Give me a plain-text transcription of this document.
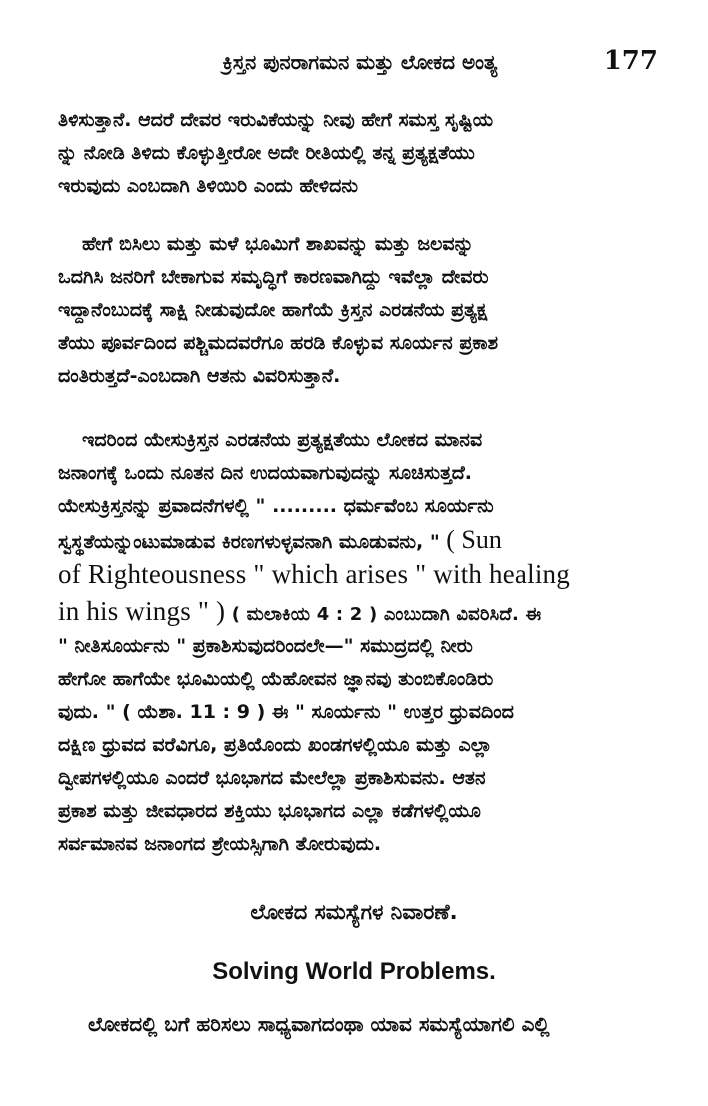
ಕ್ರಿಸ್ತನ ಪುನರಾಗಮನ ಮತ್ತು ಲೋಕದ ಅಂತ್ಯ	177
ತಿಳಿಸುತ್ತಾನೆ. ಆದರೆ ದೇವರ ಇರುವಿಕೆಯನ್ನು ನೀವು ಹೇಗೆ ಸಮಸ್ತ ಸೃಷ್ಟಿಯ
ನ್ನು ನೋಡಿ ತಿಳಿದು ಕೊಳ್ಳುತ್ತೀರೋ ಅದೇ ರೀತಿಯಲ್ಲಿ ತನ್ನ ಪ್ರತ್ಯಕ್ಷತೆಯು
ಇರುವುದು ಎಂಬದಾಗಿ ತಿಳಿಯಿರಿ ಎಂದು ಹೇಳಿದನು
ಹೇಗೆ ಬಿಸಿಲು ಮತ್ತು ಮಳೆ ಭೂಮಿಗೆ ಶಾಖವನ್ನು ಮತ್ತು ಜಲವನ್ನು
ಒದಗಿಸಿ ಜನರಿಗೆ ಬೇಕಾಗುವ ಸಮೃದ್ಧಿಗೆ ಕಾರಣವಾಗಿದ್ದು ಇವೆಲ್ಲಾ ದೇವರು
ಇದ್ದಾನೆಂಬುದಕ್ಕೆ ಸಾಕ್ಷಿ ನೀಡುವುದೋ ಹಾಗೆಯೆ ಕ್ರಿಸ್ತನ ಎರಡನೆಯ ಪ್ರತ್ಯಕ್ಷ
ತೆಯು ಪೂರ್ವದಿಂದ ಪಶ್ಚಿಮದವರೆಗೂ ಹರಡಿ ಕೊಳ್ಳುವ ಸೂರ್ಯನ ಪ್ರಕಾಶ
ದಂತಿರುತ್ತದೆ-ಎಂಬದಾಗಿ ಆತನು ವಿವರಿಸುತ್ತಾನೆ.
ಇದರಿಂದ ಯೇಸುಕ್ರಿಸ್ತನ ಎರಡನೆಯ ಪ್ರತ್ಯಕ್ಷತೆಯು ಲೋಕದ ಮಾನವ
ಜನಾಂಗಕ್ಕೆ ಒಂದು ನೂತನ ದಿನ ಉದಯವಾಗುವುದನ್ನು ಸೂಚಿಸುತ್ತದೆ.
ಯೇಸುಕ್ರಿಸ್ತನನ್ನು ಪ್ರವಾದನೆಗಳಲ್ಲಿ " ......... ಧರ್ಮವೆಂಬ ಸೂರ್ಯನು
ಸ್ವಸ್ಥತೆಯನ್ನುಂಟುಮಾಡುವ ಕಿರಣಗಳುಳ್ಳವನಾಗಿ ಮೂಡುವನು, " ( Sun
of Righteousness " which arises " with healing
in his wings " ) ( ಮಲಾಕಿಯ 4 : 2 ) ಎಂಬುದಾಗಿ ವಿವರಿಸಿದೆ. ಈ
" ನೀತಿಸೂರ್ಯನು " ಪ್ರಕಾಶಿಸುವುದರಿಂದಲೇ—" ಸಮುದ್ರದಲ್ಲಿ ನೀರು
ಹೇಗೋ ಹಾಗೆಯೇ ಭೂಮಿಯಲ್ಲಿ ಯೆಹೋವನ ಜ್ಞಾನವು ತುಂಬಿಕೊಂಡಿರು
ವುದು. " ( ಯೆಶಾ. 11 : 9 ) ಈ " ಸೂರ್ಯನು " ಉತ್ತರ ಧ್ರುವದಿಂದ
ದಕ್ಷಿಣ ಧ್ರುವದ ವರೆವಿಗೂ, ಪ್ರತಿಯೊಂದು ಖಂಡಗಳಲ್ಲಿಯೂ ಮತ್ತು ಎಲ್ಲಾ
ದ್ವೀಪಗಳಲ್ಲಿಯೂ ಎಂದರೆ ಭೂಭಾಗದ ಮೇಲೆಲ್ಲಾ ಪ್ರಕಾಶಿಸುವನು. ಆತನ
ಪ್ರಕಾಶ ಮತ್ತು ಜೀವಧಾರದ ಶಕ್ತಿಯು ಭೂಭಾಗದ ಎಲ್ಲಾ ಕಡೆಗಳಲ್ಲಿಯೂ
ಸರ್ವಮಾನವ ಜನಾಂಗದ ಶ್ರೇಯಸ್ಸಿಗಾಗಿ ತೋರುವುದು.
ಲೋಕದ ಸಮಸ್ಯೆಗಳ ನಿವಾರಣೆ.
Solving World Problems.
ಲೋಕದಲ್ಲಿ ಬಗೆ ಹರಿಸಲು ಸಾಧ್ಯವಾಗದಂಥಾ ಯಾವ ಸಮಸ್ಯೆಯಾಗಲಿ ಎಲ್ಲಿ
